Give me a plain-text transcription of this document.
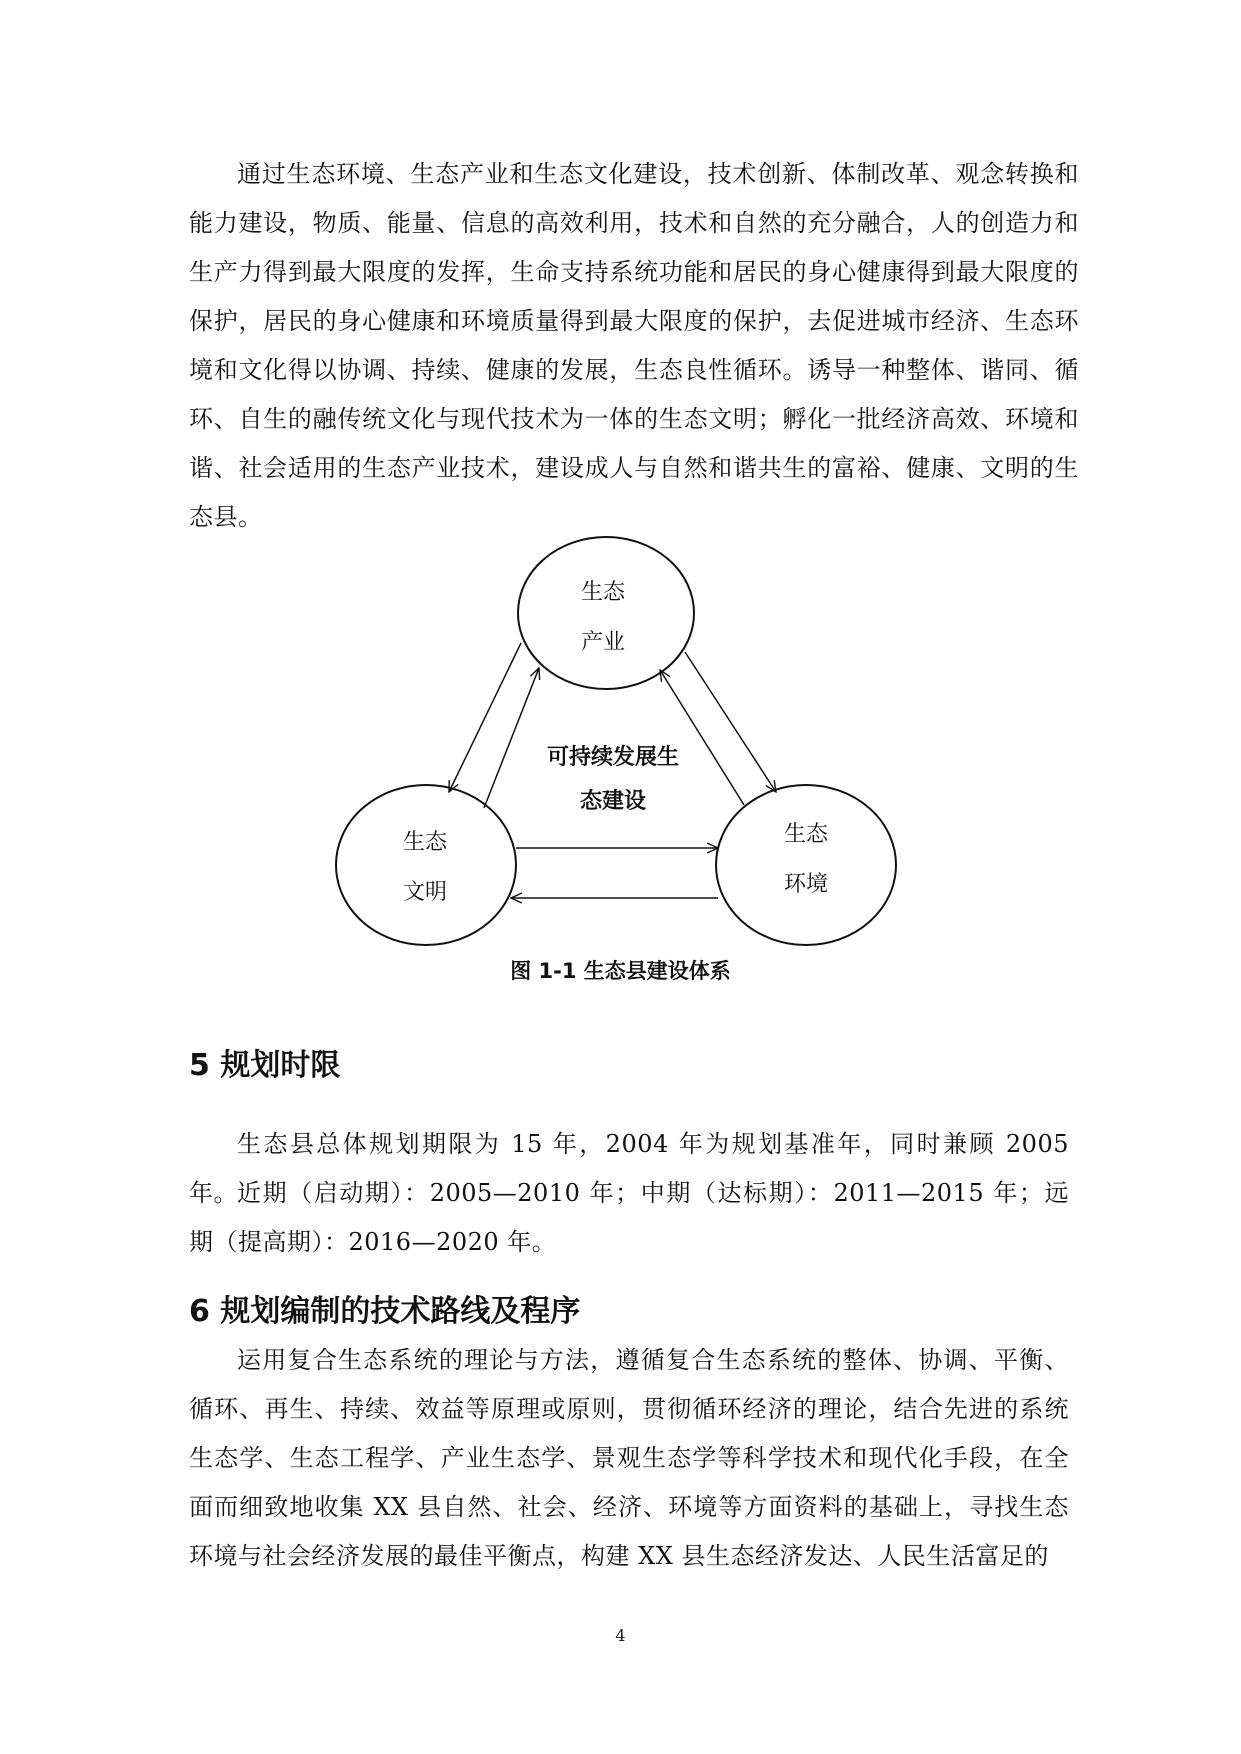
通过生态环境、生态产业和生态文化建设，技术创新、体制改革、观念转换和能力建设，物质、能量、信息的高效利用，技术和自然的充分融合，人的创造力和生产力得到最大限度的发挥，生命支持系统功能和居民的身心健康得到最大限度的保护，居民的身心健康和环境质量得到最大限度的保护，去促进城市经济、生态环境和文化得以协调、持续、健康的发展，生态良性循环。诱导一种整体、谐同、循环、自生的融传统文化与现代技术为一体的生态文明；孵化一批经济高效、环境和谐、社会适用的生态产业技术，建设成人与自然和谐共生的富裕、健康、文明的生态县。

生态
产业
生态
文明
生态
环境
可持续发展生
态建设

图 1-1 生态县建设体系

5 规划时限

生态县总体规划期限为 15 年，2004 年为规划基准年，同时兼顾 2005 年。 近期（启动期）：2005—2010 年；中期（达标期）：2011—2015 年；远期（提高期）：2016—2020 年。

6 规划编制的技术路线及程序

运用复合生态系统的理论与方法，遵循复合生态系统的整体、协调、平衡、循环、再生、持续、效益等原理或原则，贯彻循环经济的理论，结合先进的系统生态学、生态工程学、产业生态学、景观生态学等科学技术和现代化手段，在全面而细致地收集 XX 县自然、社会、经济、环境等方面资料的基础上，寻找生态环境与社会经济发展的最佳平衡点，构建 XX 县生态经济发达、人民生活富足的

4
